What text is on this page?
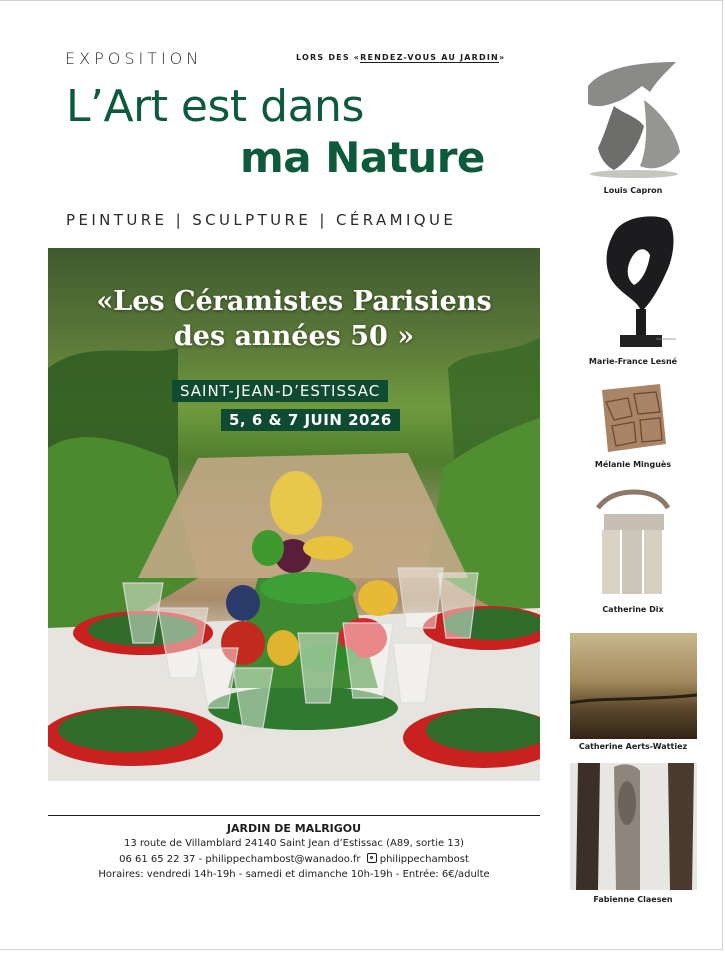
EXPOSITION	LORS DES «RENDEZ-VOUS AU JARDIN»
L’Art est dans
ma Nature
PEINTURE | SCULPTURE | CÉRAMIQUE
«Les Céramistes Parisiens
des années 50 »
SAINT-JEAN-D’ESTISSAC
5, 6 & 7 JUIN 2026
JARDIN DE MALRIGOU
13 route de Villamblard 24140 Saint Jean d’Estissac (A89, sortie 13)
06 61 65 22 37 - philippechambost@wanadoo.fr philippechambost
Horaires: vendredi 14h-19h - samedi et dimanche 10h-19h - Entrée: 6€/adulte
Louis Capron
Marie-France Lesné
Mélanie Minguès
Catherine Dix
Catherine Aerts-Wattiez
Fabienne Claesen
